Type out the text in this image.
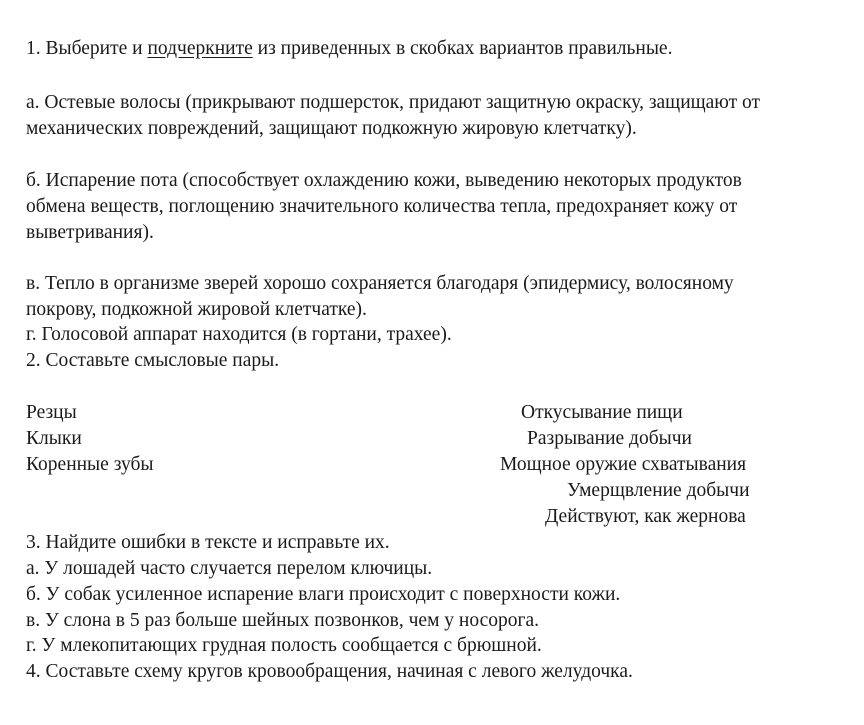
1. Выберите и подчеркните из приведенных в скобках вариантов правильные.
а. Остевые волосы (прикрывают подшерсток, придают защитную окраску, защищают от
механических повреждений, защищают подкожную жировую клетчатку).
б. Испарение пота (способствует охлаждению кожи, выведению некоторых продуктов
обмена веществ, поглощению значительного количества тепла, предохраняет кожу от
выветривания).
в. Тепло в организме зверей хорошо сохраняется благодаря (эпидермису, волосяному
покрову, подкожной жировой клетчатке).
г. Голосовой аппарат находится (в гортани, трахее).
2. Составьте смысловые пары.
Резцы
Клыки
Коренные зубы
Откусывание пищи
Разрывание добычи
Мощное оружие схватывания
Умерщвление добычи
Действуют, как жернова
3. Найдите ошибки в тексте и исправьте их.
а. У лошадей часто случается перелом ключицы.
б. У собак усиленное испарение влаги происходит с поверхности кожи.
в. У слона в 5 раз больше шейных позвонков, чем у носорога.
г. У млекопитающих грудная полость сообщается с брюшной.
4. Составьте схему кругов кровообращения, начиная с левого желудочка.
